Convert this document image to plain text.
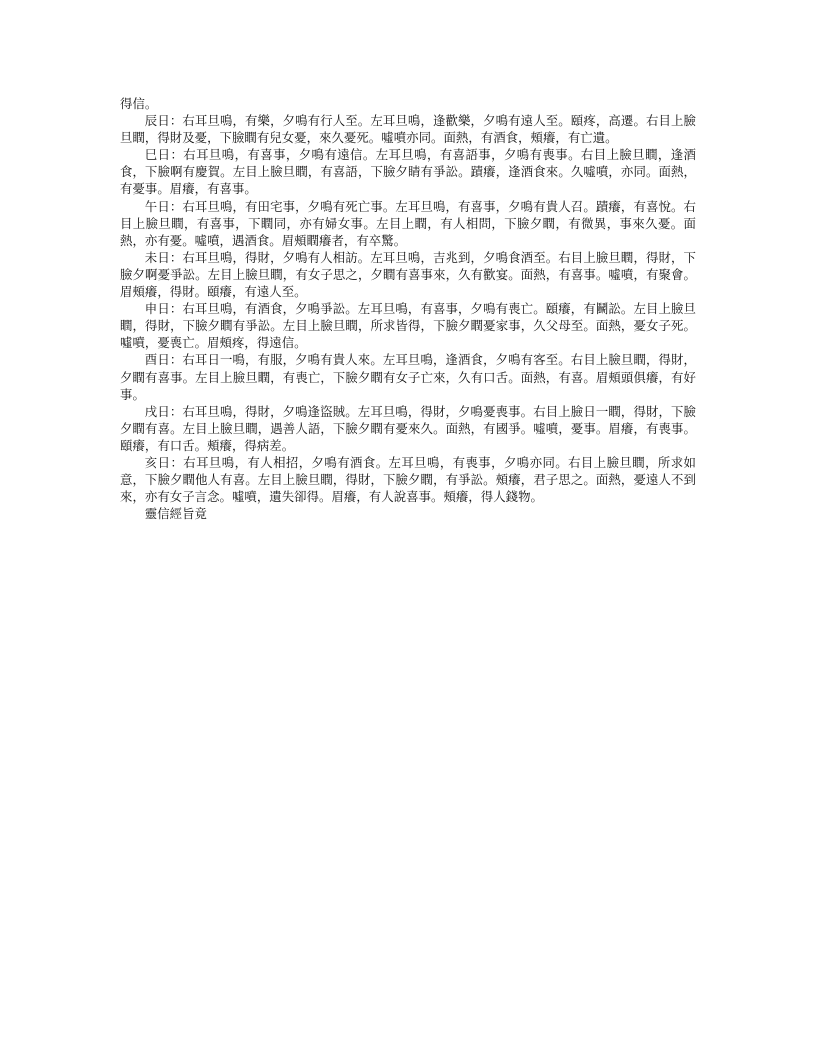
得信。

辰日：右耳旦鳴，有樂，夕鳴有行人至。左耳旦鳴，逢歡樂，夕鳴有遠人至。頤疼，高遷。右目上臉旦瞤，得財及憂，下臉瞤有兒女憂，來久憂死。噓噴亦同。面熱，有酒食，頰癢，有亡遺。

巳日：右耳旦鳴，有喜事，夕鳴有遠信。左耳旦鳴，有喜語事，夕鳴有喪事。右目上臉旦瞤，逢酒食，下臉啊有慶賀。左目上臉旦瞤，有喜語，下臉夕睛有爭訟。蹟癢，逢酒食來。久噓噴，亦同。面熱，有憂事。眉癢，有喜事。

午日：右耳旦鳴，有田宅事，夕鳴有死亡事。左耳旦鳴，有喜事，夕鳴有貴人召。蹟癢，有喜悅。右目上臉旦瞤，有喜事，下瞤同，亦有婦女事。左目上瞤，有人相問，下臉夕瞤，有微異，事來久憂。面熱，亦有憂。噓噴，遇酒食。眉頰瞤癢者，有卒驚。

未日：右耳旦鳴，得財，夕鳴有人相訪。左耳旦鳴，吉兆到，夕鳴食酒至。右目上臉旦瞤，得財，下臉夕啊憂爭訟。左目上臉旦瞤，有女子思之，夕瞤有喜事來，久有歡宴。面熱，有喜事。噓噴，有聚會。眉頰癢，得財。頤癢，有遠人至。

申日：右耳旦鳴，有酒食，夕鳴爭訟。左耳旦鳴，有喜事，夕鳴有喪亡。頤癢，有鬭訟。左目上臉旦瞤，得財，下臉夕瞤有爭訟。左目上臉旦瞤，所求皆得，下臉夕瞤憂家事，久父母至。面熱，憂女子死。噓噴，憂喪亡。眉頰疼，得遠信。

酉日：右耳日一鳴，有服，夕鳴有貴人來。左耳旦鳴，逢酒食，夕鳴有客至。右目上臉旦瞤，得財，夕瞤有喜事。左目上臉旦瞤，有喪亡，下臉夕瞤有女子亡來，久有口舌。面熱，有喜。眉頰頭俱癢，有好事。

戌日：右耳旦鳴，得財，夕鳴逢盜賊。左耳旦鳴，得財，夕鳴憂喪事。右目上臉日一瞤，得財，下臉夕瞤有喜。左目上臉旦瞤，遇善人語，下臉夕瞤有憂來久。面熱，有國爭。噓噴，憂事。眉癢，有喪事。頤癢，有口舌。頰癢，得病差。

亥日：右耳旦鳴，有人相招，夕鳴有酒食。左耳旦鳴，有喪事，夕鳴亦同。右目上臉旦瞤，所求如意，下臉夕瞤他人有喜。左目上臉旦瞤，得財，下臉夕瞤，有爭訟。頰癢，君子思之。面熱，憂遠人不到來，亦有女子言念。噓噴，遺失卻得。眉癢，有人說喜事。頰癢，得人錢物。

靈信經旨竟
